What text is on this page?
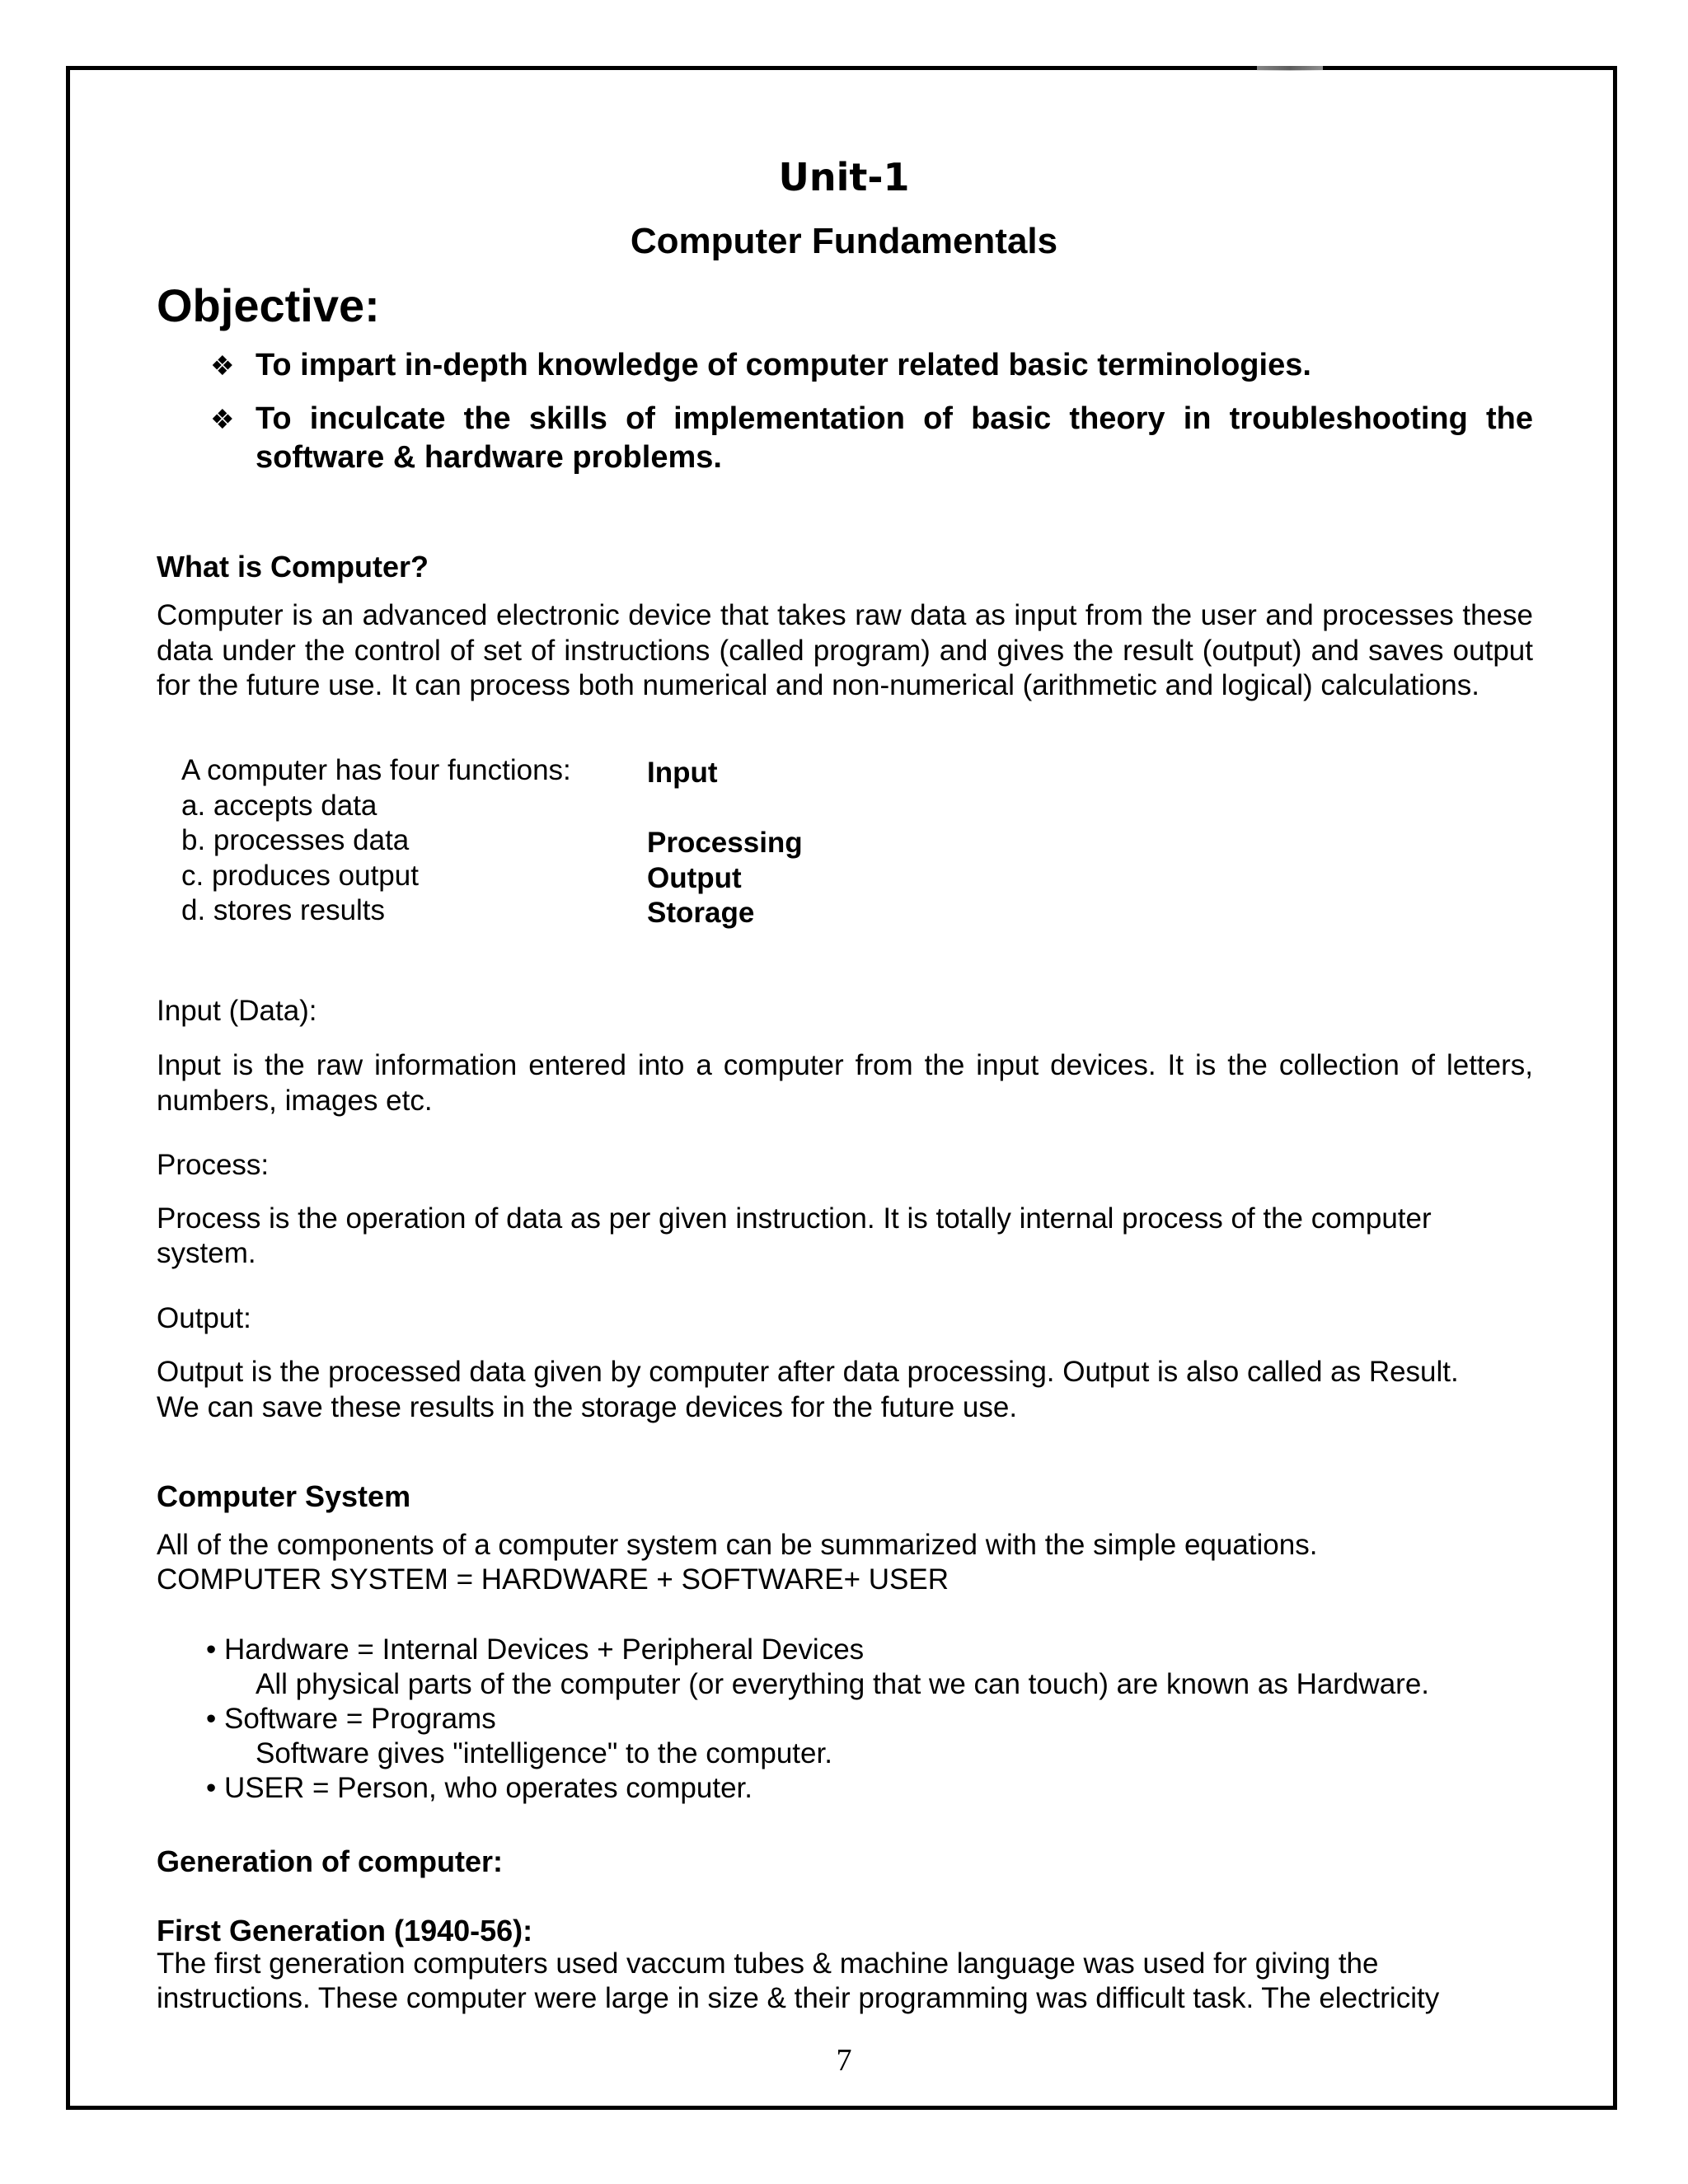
Unit-1
Computer Fundamentals
Objective:
❖ To impart in-depth knowledge of computer related basic terminologies.
❖ To inculcate the skills of implementation of basic theory in troubleshooting the software & hardware problems.
What is Computer?
Computer is an advanced electronic device that takes raw data as input from the user and processes these data under the control of set of instructions (called program) and gives the result (output) and saves output for the future use. It can process both numerical and non-numerical (arithmetic and logical) calculations.
A computer has four functions:	Input
a. accepts data
b. processes data	Processing
c. produces output	Output
d. stores results	Storage
Input (Data):
Input is the raw information entered into a computer from the input devices. It is the collection of letters, numbers, images etc.
Process:
Process is the operation of data as per given instruction. It is totally internal process of the computer
system.
Output:
Output is the processed data given by computer after data processing. Output is also called as Result.
We can save these results in the storage devices for the future use.
Computer System
All of the components of a computer system can be summarized with the simple equations.
COMPUTER SYSTEM = HARDWARE + SOFTWARE+ USER
• Hardware = Internal Devices + Peripheral Devices
All physical parts of the computer (or everything that we can touch) are known as Hardware.
• Software = Programs
Software gives "intelligence" to the computer.
• USER = Person, who operates computer.
Generation of computer:
First Generation (1940-56):
The first generation computers used vaccum tubes & machine language was used for giving the
instructions. These computer were large in size & their programming was difficult task. The electricity
7
